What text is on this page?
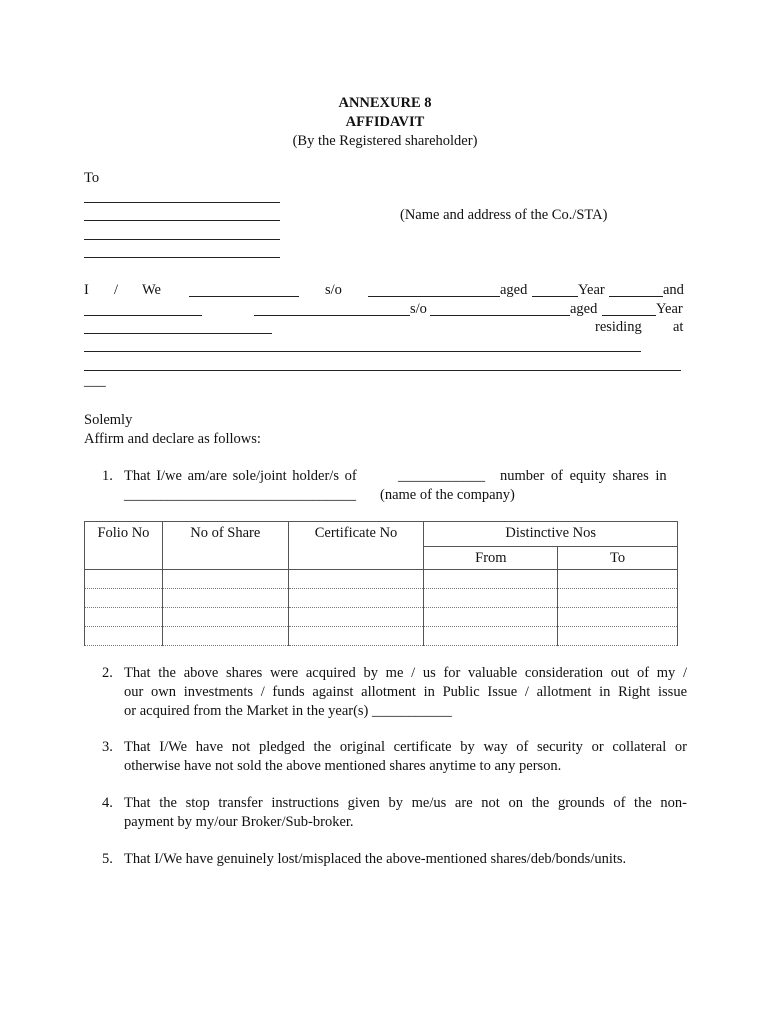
ANNEXURE 8
AFFIDAVIT
(By the Registered shareholder)
To
(Name and address of the Co./STA)
I / We	s/o	aged	Year	and
s/o	aged	Year
residing at
___
Solemly
Affirm and declare as follows:
1. That I/we am/are sole/joint holder/s of	____________ number of equity shares in
________________________________ (name of the company)
Folio No	No of Share	Certificate No	Distinctive Nos	
			From	To

2. That the above shares were acquired by me / us for valuable consideration out of my /
our own investments / funds against allotment in Public Issue / allotment in Right issue
or acquired from the Market in the year(s) ___________
3. That I/We have not pledged the original certificate by way of security or collateral or
otherwise have not sold the above mentioned shares anytime to any person.
4. That the stop transfer instructions given by me/us are not on the grounds of the non-
payment by my/our Broker/Sub-broker.
5. That I/We have genuinely lost/misplaced the above-mentioned shares/deb/bonds/units.
